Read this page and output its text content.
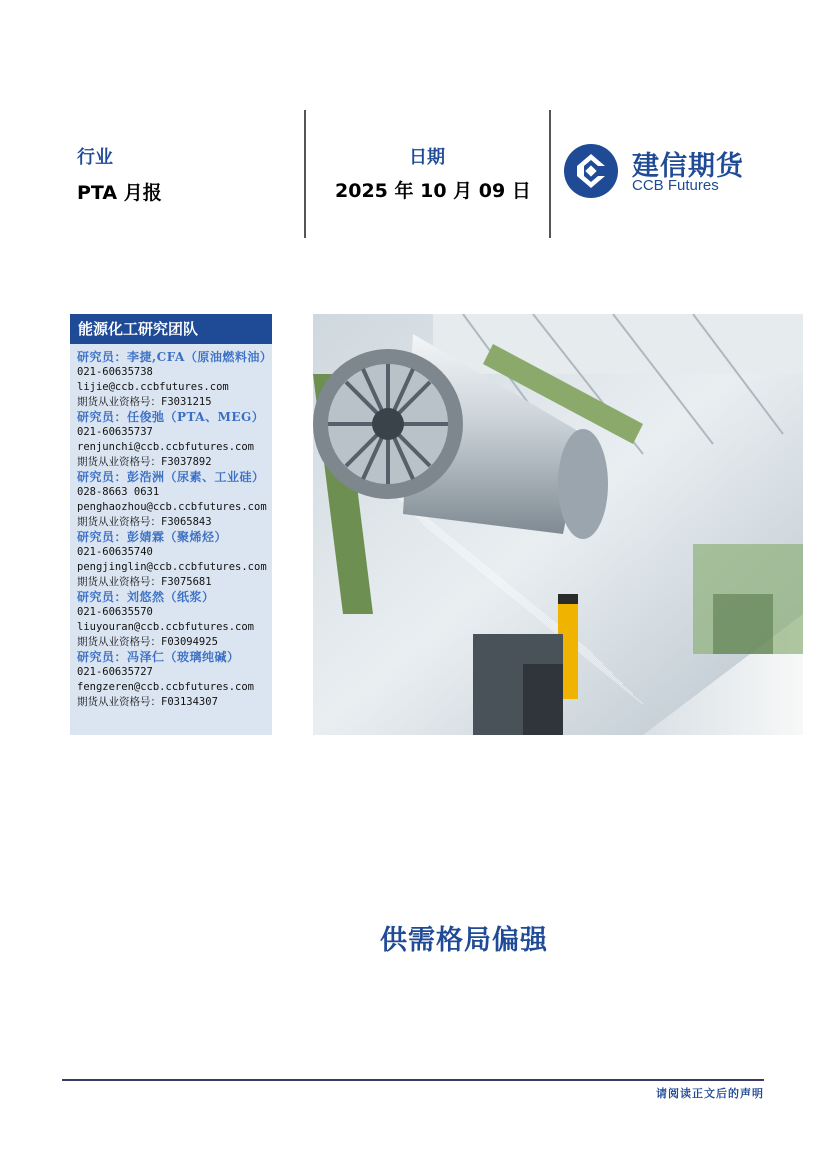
行业
PTA 月报
日期
2025 年 10 月 09 日
建信期货
CCB Futures
能源化工研究团队
研究员：李捷,CFA（原油燃料油）
021-60635738
lijie@ccb.ccbfutures.com
期货从业资格号：F3031215
研究员：任俊弛（PTA、MEG）
021-60635737
renjunchi@ccb.ccbfutures.com
期货从业资格号：F3037892
研究员：彭浩洲（尿素、工业硅）
028-8663 0631
penghaozhou@ccb.ccbfutures.com
期货从业资格号：F3065843
研究员：彭婧霖（聚烯烃）
021-60635740
pengjinglin@ccb.ccbfutures.com
期货从业资格号：F3075681
研究员：刘悠然（纸浆）
021-60635570
liuyouran@ccb.ccbfutures.com
期货从业资格号：F03094925
研究员：冯泽仁（玻璃纯碱）
021-60635727
fengzeren@ccb.ccbfutures.com
期货从业资格号：F03134307
供需格局偏强
请阅读正文后的声明
